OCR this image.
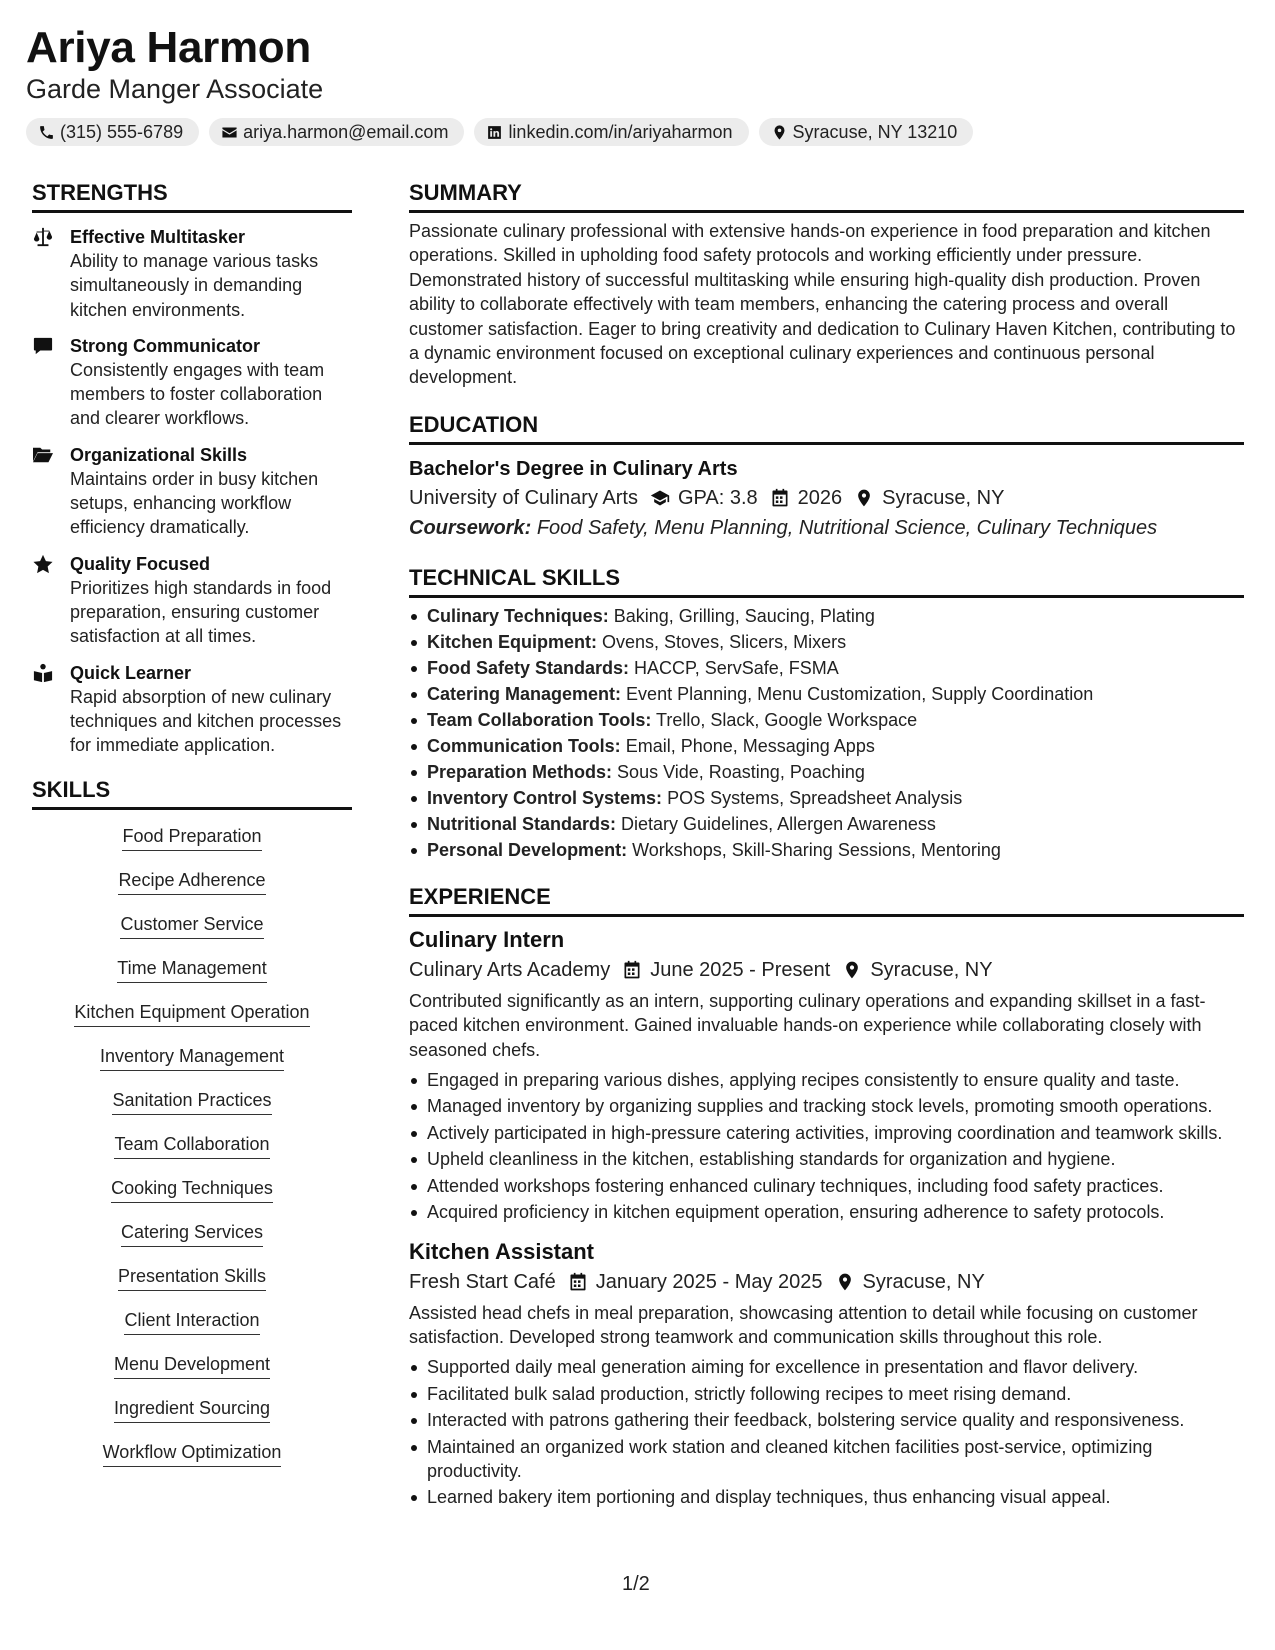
Ariya Harmon
Garde Manger Associate
(315) 555-6789	ariya.harmon@email.com	linkedin.com/in/ariyaharmon	Syracuse, NY 13210
STRENGTHS
Effective Multitasker
Ability to manage various tasks simultaneously in demanding kitchen environments.
Strong Communicator
Consistently engages with team members to foster collaboration and clearer workflows.
Organizational Skills
Maintains order in busy kitchen setups, enhancing workflow efficiency dramatically.
Quality Focused
Prioritizes high standards in food preparation, ensuring customer satisfaction at all times.
Quick Learner
Rapid absorption of new culinary techniques and kitchen processes for immediate application.
SKILLS
Food Preparation
Recipe Adherence
Customer Service
Time Management
Kitchen Equipment Operation
Inventory Management
Sanitation Practices
Team Collaboration
Cooking Techniques
Catering Services
Presentation Skills
Client Interaction
Menu Development
Ingredient Sourcing
Workflow Optimization
SUMMARY
Passionate culinary professional with extensive hands-on experience in food preparation and kitchen operations. Skilled in upholding food safety protocols and working efficiently under pressure. Demonstrated history of successful multitasking while ensuring high-quality dish production. Proven ability to collaborate effectively with team members, enhancing the catering process and overall customer satisfaction. Eager to bring creativity and dedication to Culinary Haven Kitchen, contributing to a dynamic environment focused on exceptional culinary experiences and continuous personal development.
EDUCATION
Bachelor's Degree in Culinary Arts
University of Culinary Arts GPA: 3.8 2026 Syracuse, NY
Coursework: Food Safety, Menu Planning, Nutritional Science, Culinary Techniques
TECHNICAL SKILLS
Culinary Techniques: Baking, Grilling, Saucing, Plating
Kitchen Equipment: Ovens, Stoves, Slicers, Mixers
Food Safety Standards: HACCP, ServSafe, FSMA
Catering Management: Event Planning, Menu Customization, Supply Coordination
Team Collaboration Tools: Trello, Slack, Google Workspace
Communication Tools: Email, Phone, Messaging Apps
Preparation Methods: Sous Vide, Roasting, Poaching
Inventory Control Systems: POS Systems, Spreadsheet Analysis
Nutritional Standards: Dietary Guidelines, Allergen Awareness
Personal Development: Workshops, Skill-Sharing Sessions, Mentoring
EXPERIENCE
Culinary Intern
Culinary Arts Academy June 2025 - Present Syracuse, NY
Contributed significantly as an intern, supporting culinary operations and expanding skillset in a fast-paced kitchen environment. Gained invaluable hands-on experience while collaborating closely with seasoned chefs.
Engaged in preparing various dishes, applying recipes consistently to ensure quality and taste.
Managed inventory by organizing supplies and tracking stock levels, promoting smooth operations.
Actively participated in high-pressure catering activities, improving coordination and teamwork skills.
Upheld cleanliness in the kitchen, establishing standards for organization and hygiene.
Attended workshops fostering enhanced culinary techniques, including food safety practices.
Acquired proficiency in kitchen equipment operation, ensuring adherence to safety protocols.
Kitchen Assistant
Fresh Start Café January 2025 - May 2025 Syracuse, NY
Assisted head chefs in meal preparation, showcasing attention to detail while focusing on customer satisfaction. Developed strong teamwork and communication skills throughout this role.
Supported daily meal generation aiming for excellence in presentation and flavor delivery.
Facilitated bulk salad production, strictly following recipes to meet rising demand.
Interacted with patrons gathering their feedback, bolstering service quality and responsiveness.
Maintained an organized work station and cleaned kitchen facilities post-service, optimizing productivity.
Learned bakery item portioning and display techniques, thus enhancing visual appeal.
1/2
